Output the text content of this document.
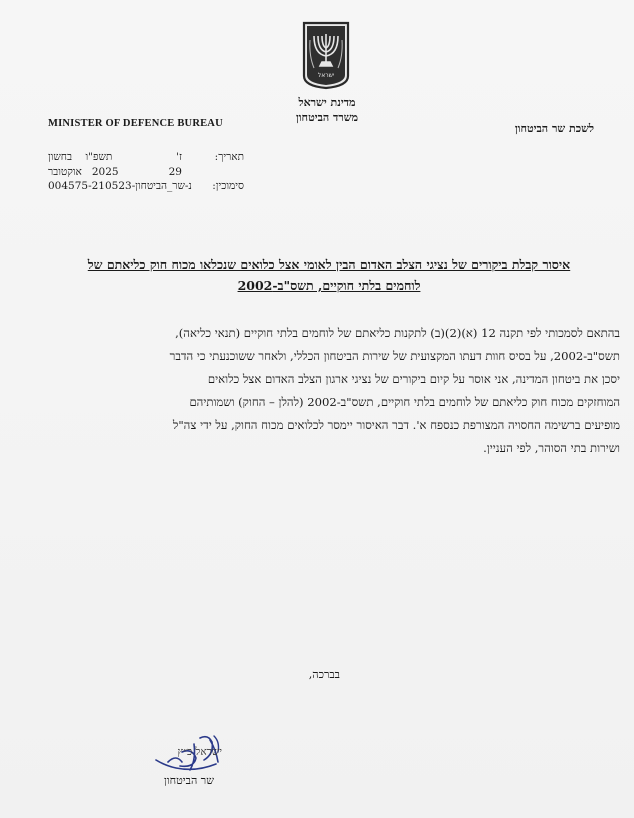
ישראל
מדינת ישראל
משרד הביטחון
MINISTER OF DEFENCE BUREAU	לשכת שר הביטחון
תאריך:
ז'
תשפ"ו    בחשון
29
2025   אוקטובר
סימוכין:
נ-שר_הביטחון-004575-210523
איסור קבלת ביקורים של נציגי הצלב האדום הבין לאומי אצל כלואים שנכלאו מכוח חוק כליאתם של
לוחמים בלתי חוקיים, תשס"ב-2002

בהתאם לסמכותי לפי תקנה 12 (א)(2)(ב) לתקנות כליאתם של לוחמים בלתי חוקיים (תנאי כליאה),

תשס"ב-2002, על בסיס חוות דעתו המקצועית של שירות הביטחון הכללי, ולאחר ששוכנעתי כי הדבר

יסכן את ביטחון המדינה, אני אוסר על קיום ביקורים של נציגי ארגון הצלב האדום אצל כלואים

המוחזקים מכוח חוק כליאתם של לוחמים בלתי חוקיים, תשס"ב-2002 (להלן – החוק) ושמותיהם

מופיעים ברשימה החסויה המצורפת כנספח א'. דבר האיסור יימסר לכלואים מכוח החוק, על ידי צה"ל

ושירות בתי הסוהר, לפי העניין.

בברכה,
ישראל כ״ץ
שר הביטחון
